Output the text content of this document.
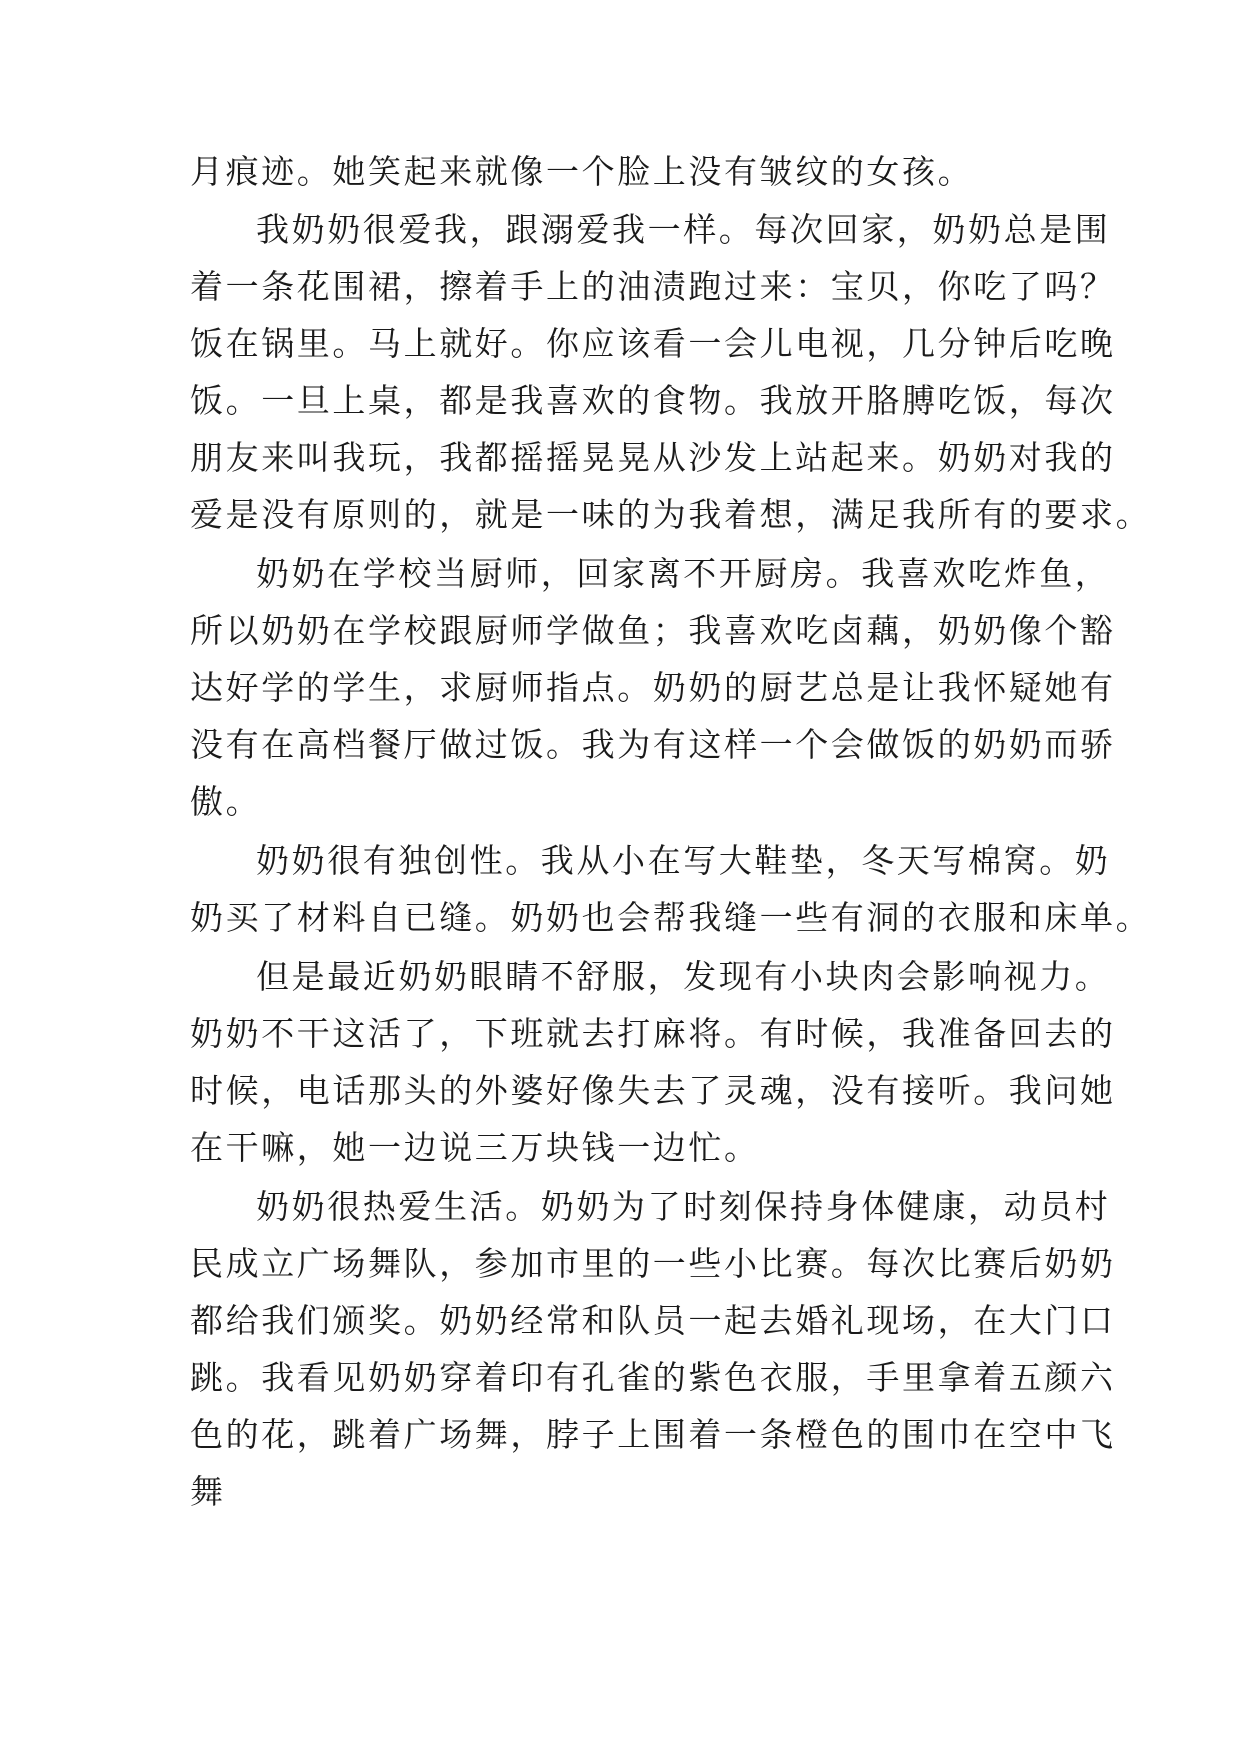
月痕迹。她笑起来就像一个脸上没有皱纹的女孩。
我奶奶很爱我，跟溺爱我一样。每次回家，奶奶总是围
着一条花围裙，擦着手上的油渍跑过来：宝贝，你吃了吗？
饭在锅里。马上就好。你应该看一会儿电视，几分钟后吃晚
饭。一旦上桌，都是我喜欢的食物。我放开胳膊吃饭，每次
朋友来叫我玩，我都摇摇晃晃从沙发上站起来。奶奶对我的
爱是没有原则的，就是一味的为我着想，满足我所有的要求。
奶奶在学校当厨师，回家离不开厨房。我喜欢吃炸鱼，
所以奶奶在学校跟厨师学做鱼；我喜欢吃卤藕，奶奶像个豁
达好学的学生，求厨师指点。奶奶的厨艺总是让我怀疑她有
没有在高档餐厅做过饭。我为有这样一个会做饭的奶奶而骄
傲。
奶奶很有独创性。我从小在写大鞋垫，冬天写棉窝。奶
奶买了材料自已缝。奶奶也会帮我缝一些有洞的衣服和床单。
但是最近奶奶眼睛不舒服，发现有小块肉会影响视力。
奶奶不干这活了，下班就去打麻将。有时候，我准备回去的
时候，电话那头的外婆好像失去了灵魂，没有接听。我问她
在干嘛，她一边说三万块钱一边忙。
奶奶很热爱生活。奶奶为了时刻保持身体健康，动员村
民成立广场舞队，参加市里的一些小比赛。每次比赛后奶奶
都给我们颁奖。奶奶经常和队员一起去婚礼现场，在大门口
跳。我看见奶奶穿着印有孔雀的紫色衣服，手里拿着五颜六
色的花，跳着广场舞，脖子上围着一条橙色的围巾在空中飞
舞
